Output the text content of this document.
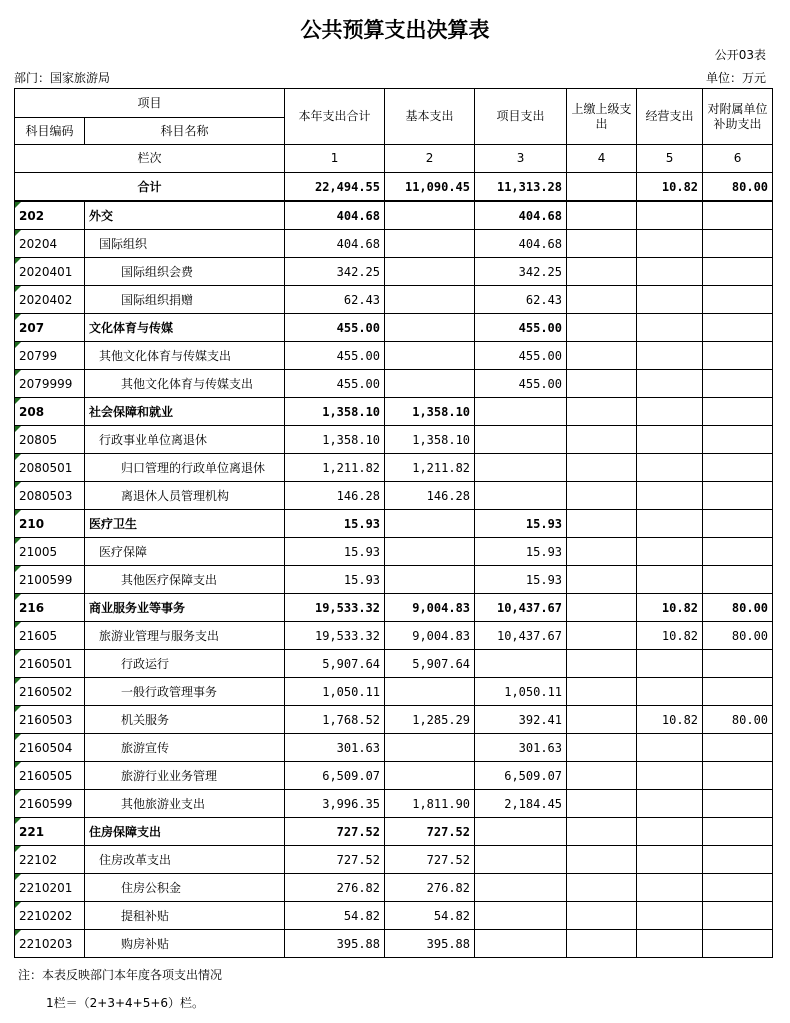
公共预算支出决算表
公开03表
部门：国家旅游局	单位：万元
项目		本年支出合计	基本支出	项目支出	上缴上级支出	经营支出	对附属单位补助支出
科目编码	科目名称						
栏次		1	2	3	4	5	6
合计		22,494.55	11,090.45	11,313.28		10.82	80.00
202	外交	404.68		404.68			
20204	国际组织	404.68		404.68			
2020401	国际组织会费	342.25		342.25			
2020402	国际组织捐赠	62.43		62.43			
207	文化体育与传媒	455.00		455.00			
20799	其他文化体育与传媒支出	455.00		455.00			
2079999	其他文化体育与传媒支出	455.00		455.00			
208	社会保障和就业	1,358.10	1,358.10				
20805	行政事业单位离退休	1,358.10	1,358.10				
2080501	归口管理的行政单位离退休	1,211.82	1,211.82				
2080503	离退休人员管理机构	146.28	146.28				
210	医疗卫生	15.93		15.93			
21005	医疗保障	15.93		15.93			
2100599	其他医疗保障支出	15.93		15.93			
216	商业服务业等事务	19,533.32	9,004.83	10,437.67		10.82	80.00
21605	旅游业管理与服务支出	19,533.32	9,004.83	10,437.67		10.82	80.00
2160501	行政运行	5,907.64	5,907.64				
2160502	一般行政管理事务	1,050.11		1,050.11			
2160503	机关服务	1,768.52	1,285.29	392.41		10.82	80.00
2160504	旅游宣传	301.63		301.63			
2160505	旅游行业业务管理	6,509.07		6,509.07			
2160599	其他旅游业支出	3,996.35	1,811.90	2,184.45			
221	住房保障支出	727.52	727.52				
22102	住房改革支出	727.52	727.52				
2210201	住房公积金	276.82	276.82				
2210202	提租补贴	54.82	54.82				
2210203	购房补贴	395.88	395.88				
注：本表反映部门本年度各项支出情况
1栏＝（2+3+4+5+6）栏。
